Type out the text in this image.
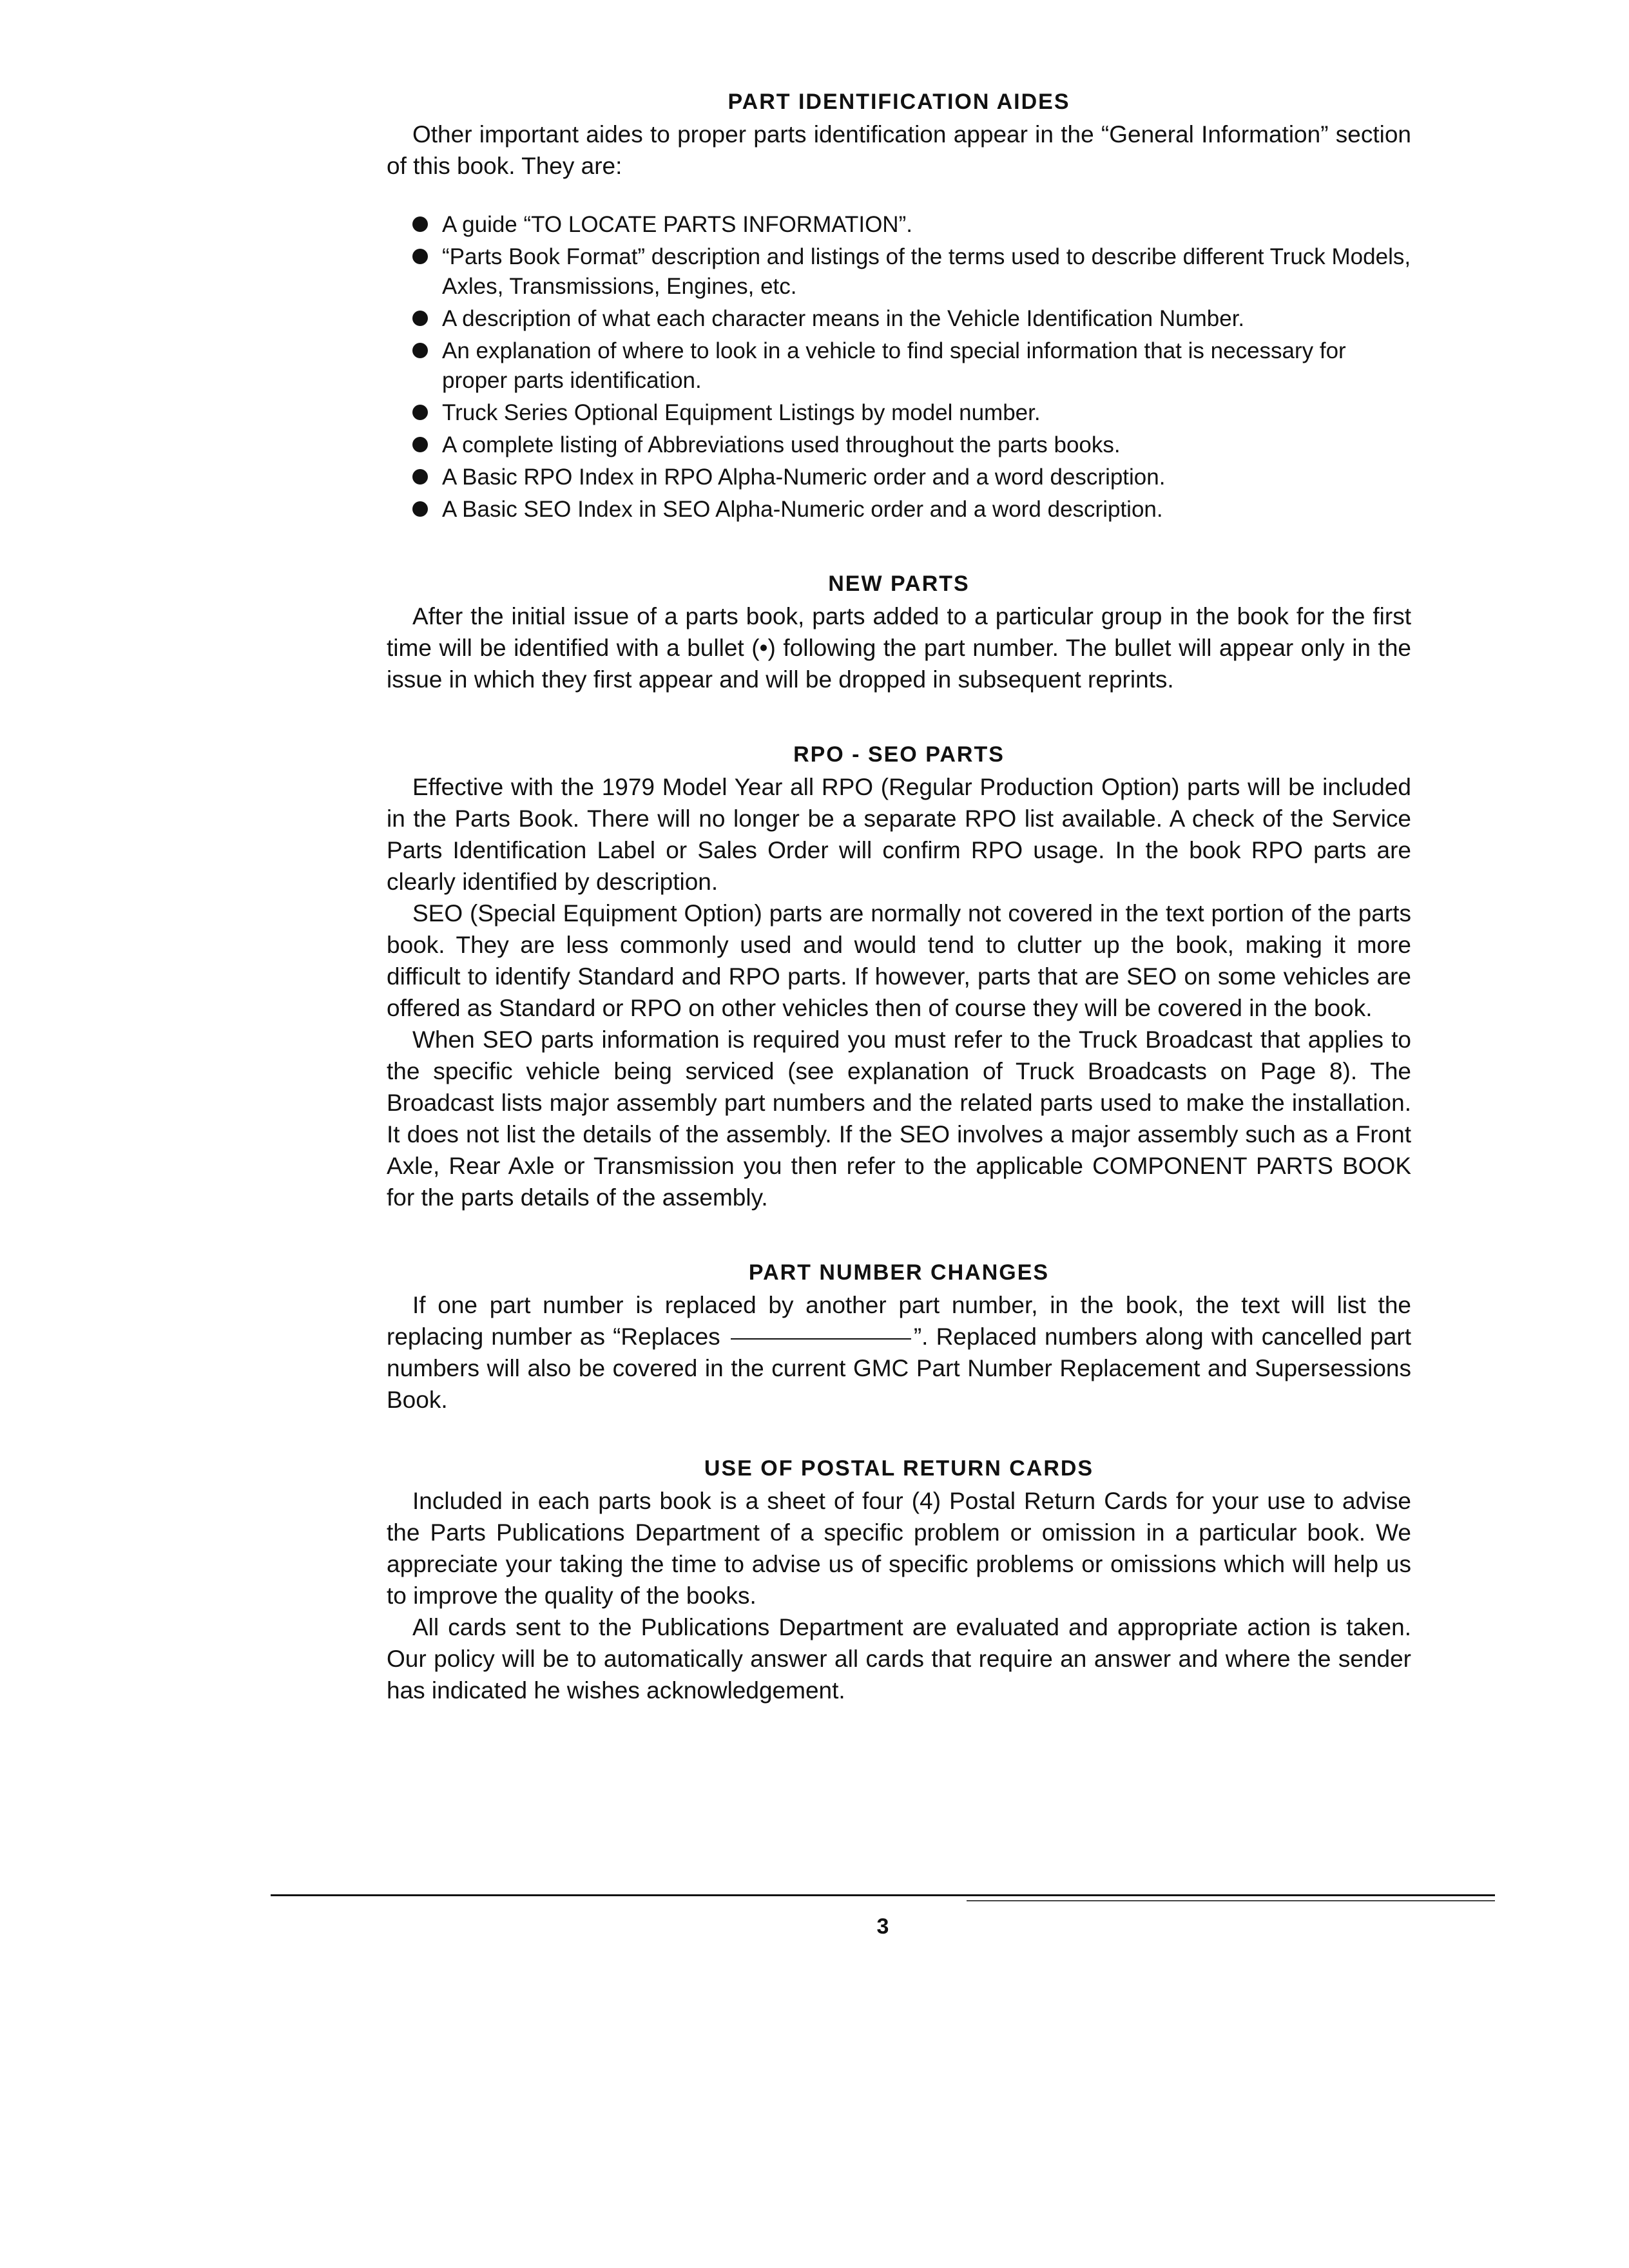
PART IDENTIFICATION AIDES

Other important aides to proper parts identification appear in the “General Information” section of this book. They are:

A guide “TO LOCATE PARTS INFORMATION”.
“Parts Book Format” description and listings of the terms used to describe different Truck Models, Axles, Transmissions, Engines, etc.
A description of what each character means in the Vehicle Identification Number.
An explanation of where to look in a vehicle to find special information that is necessary for proper parts identification.
Truck Series Optional Equipment Listings by model number.
A complete listing of Abbreviations used throughout the parts books.
A Basic RPO Index in RPO Alpha-Numeric order and a word description.
A Basic SEO Index in SEO Alpha-Numeric order and a word description.
NEW PARTS

After the initial issue of a parts book, parts added to a particular group in the book for the first time will be identified with a bullet (•) following the part number. The bullet will appear only in the issue in which they first appear and will be dropped in subsequent reprints.

RPO - SEO PARTS

Effective with the 1979 Model Year all RPO (Regular Production Option) parts will be included in the Parts Book. There will no longer be a separate RPO list available. A check of the Service Parts Identification Label or Sales Order will confirm RPO usage. In the book RPO parts are clearly identified by description.

SEO (Special Equipment Option) parts are normally not covered in the text portion of the parts book. They are less commonly used and would tend to clutter up the book, making it more difficult to identify Standard and RPO parts. If however, parts that are SEO on some vehicles are offered as Standard or RPO on other vehicles then of course they will be covered in the book.

When SEO parts information is required you must refer to the Truck Broadcast that applies to the specific vehicle being serviced (see explanation of Truck Broadcasts on Page 8). The Broadcast lists major assembly part numbers and the related parts used to make the installation. It does not list the details of the assembly. If the SEO involves a major assembly such as a Front Axle, Rear Axle or Transmission you then refer to the applicable COMPONENT PARTS BOOK for the parts details of the assembly.

PART NUMBER CHANGES

If one part number is replaced by another part number, in the book, the text will list the replacing number as “Replaces	”. Replaced numbers along with cancelled part numbers will also be covered in the current GMC Part Number Replacement and Supersessions Book.

USE OF POSTAL RETURN CARDS

Included in each parts book is a sheet of four (4) Postal Return Cards for your use to advise the Parts Publications Department of a specific problem or omission in a particular book. We appreciate your taking the time to advise us of specific problems or omissions which will help us to improve the quality of the books.

All cards sent to the Publications Department are evaluated and appropriate action is taken. Our policy will be to automatically answer all cards that require an answer and where the sender has indicated he wishes acknowledgement.

3
